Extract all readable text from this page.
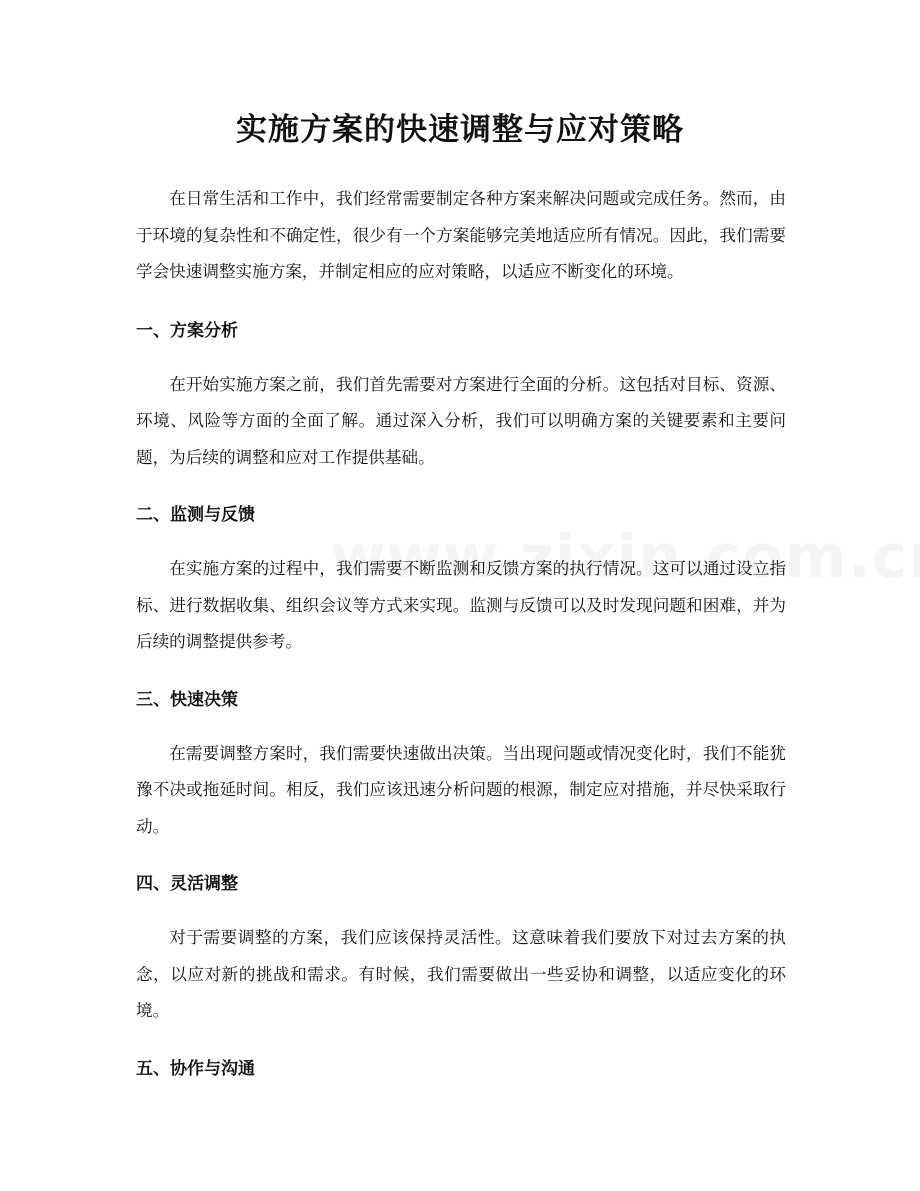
实施方案的快速调整与应对策略

在日常生活和工作中，我们经常需要制定各种方案来解决问题或完成任务。然而，由于环境的复杂性和不确定性，很少有一个方案能够完美地适应所有情况。因此，我们需要学会快速调整实施方案，并制定相应的应对策略，以适应不断变化的环境。

一、方案分析

在开始实施方案之前，我们首先需要对方案进行全面的分析。这包括对目标、资源、环境、风险等方面的全面了解。通过深入分析，我们可以明确方案的关键要素和主要问题，为后续的调整和应对工作提供基础。

二、监测与反馈

在实施方案的过程中，我们需要不断监测和反馈方案的执行情况。这可以通过设立指标、进行数据收集、组织会议等方式来实现。监测与反馈可以及时发现问题和困难，并为后续的调整提供参考。

三、快速决策

在需要调整方案时，我们需要快速做出决策。当出现问题或情况变化时，我们不能犹豫不决或拖延时间。相反，我们应该迅速分析问题的根源，制定应对措施，并尽快采取行动。

四、灵活调整

对于需要调整的方案，我们应该保持灵活性。这意味着我们要放下对过去方案的执念，以应对新的挑战和需求。有时候，我们需要做出一些妥协和调整，以适应变化的环境。

五、协作与沟通
